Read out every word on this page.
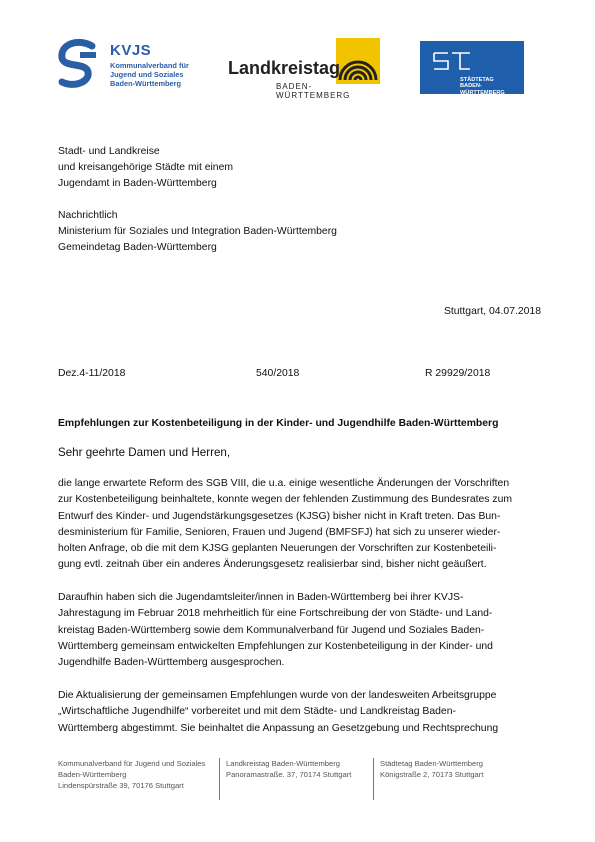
KVJS
Kommunalverband für
Jugend und Soziales
Baden-Württemberg
Landkreistag
BADEN-WÜRTTEMBERG
STÄDTETAG
BADEN-WÜRTTEMBERG
Stadt- und Landkreise
und kreisangehörige Städte mit einem
Jugendamt in Baden-Württemberg
Nachrichtlich
Ministerium für Soziales und Integration Baden-Württemberg
Gemeindetag Baden-Württemberg
Stuttgart, 04.07.2018
Dez.4-11/2018	540/2018	R 29929/2018
Empfehlungen zur Kostenbeteiligung in der Kinder- und Jugendhilfe Baden-Württemberg
Sehr geehrte Damen und Herren,
die lange erwartete Reform des SGB VIII, die u.a. einige wesentliche Änderungen der Vorschriften
zur Kostenbeteiligung beinhaltete, konnte wegen der fehlenden Zustimmung des Bundesrates zum
Entwurf des Kinder- und Jugendstärkungsgesetzes (KJSG) bisher nicht in Kraft treten. Das Bun-
desministerium für Familie, Senioren, Frauen und Jugend (BMFSFJ) hat sich zu unserer wieder-
holten Anfrage, ob die mit dem KJSG geplanten Neuerungen der Vorschriften zur Kostenbeteili-
gung evtl. zeitnah über ein anderes Änderungsgesetz realisierbar sind, bisher nicht geäußert.
Daraufhin haben sich die Jugendamtsleiter/innen in Baden-Württemberg bei ihrer KVJS-
Jahrestagung im Februar 2018 mehrheitlich für eine Fortschreibung der von Städte- und Land-
kreistag Baden-Württemberg sowie dem Kommunalverband für Jugend und Soziales Baden-
Württemberg gemeinsam entwickelten Empfehlungen zur Kostenbeteiligung in der Kinder- und
Jugendhilfe Baden-Württemberg ausgesprochen.
Die Aktualisierung der gemeinsamen Empfehlungen wurde von der landesweiten Arbeitsgruppe
„Wirtschaftliche Jugendhilfe“ vorbereitet und mit dem Städte- und Landkreistag Baden-
Württemberg abgestimmt. Sie beinhaltet die Anpassung an Gesetzgebung und Rechtsprechung
Kommunalverband für Jugend und Soziales
Baden-Württemberg
Lindenspürstraße 39, 70176 Stuttgart
Landkreistag Baden-Württemberg
Panoramastraße. 37, 70174 Stuttgart
Städtetag Baden-Württemberg
Königstraße 2, 70173 Stuttgart
